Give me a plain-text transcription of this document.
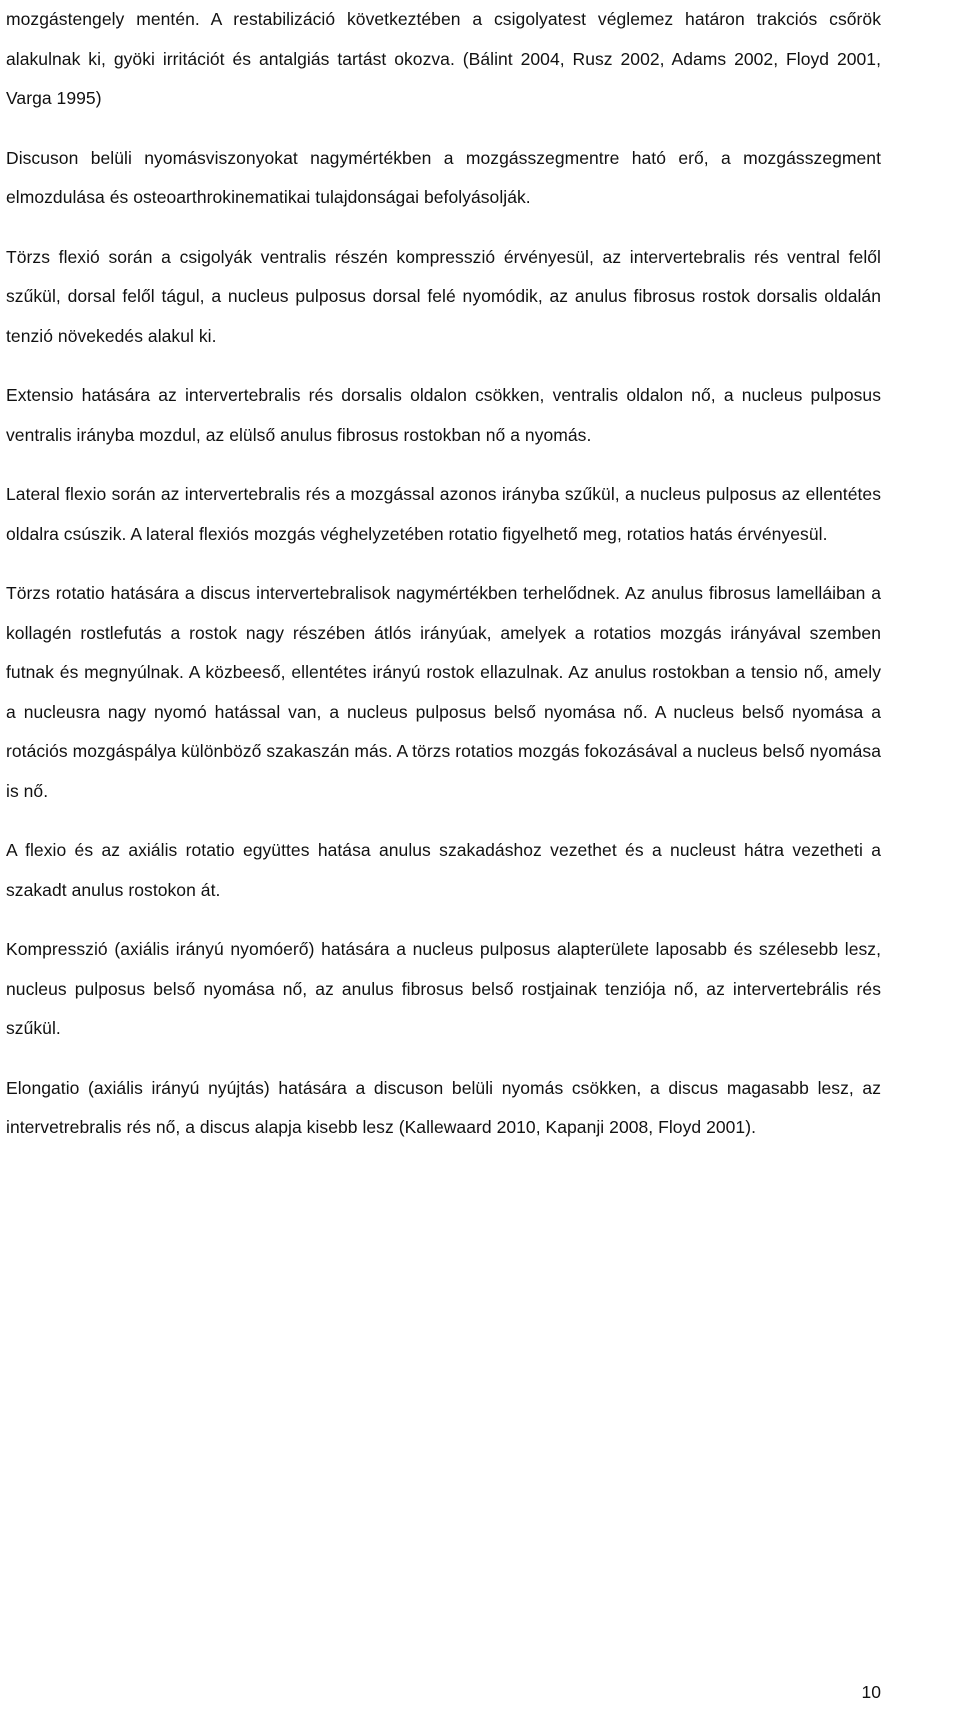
mozgástengely mentén. A restabilizáció következtében a csigolyatest véglemez határon trakciós csőrök alakulnak ki, gyöki irritációt és antalgiás tartást okozva. (Bálint 2004, Rusz 2002, Adams 2002, Floyd 2001, Varga 1995)

Discuson belüli nyomásviszonyokat nagymértékben a mozgásszegmentre ható erő, a mozgásszegment elmozdulása és osteoarthrokinematikai tulajdonságai befolyásolják.

Törzs flexió során a csigolyák ventralis részén kompresszió érvényesül, az intervertebralis rés ventral felől szűkül, dorsal felől tágul, a nucleus pulposus dorsal felé nyomódik, az anulus fibrosus rostok dorsalis oldalán tenzió növekedés alakul ki.

Extensio hatására az intervertebralis rés dorsalis oldalon csökken, ventralis oldalon nő, a nucleus pulposus ventralis irányba mozdul, az elülső anulus fibrosus rostokban nő a nyomás.

Lateral flexio során az intervertebralis rés a mozgással azonos irányba szűkül, a nucleus pulposus az ellentétes oldalra csúszik. A lateral flexiós mozgás véghelyzetében rotatio figyelhető meg, rotatios hatás érvényesül.

Törzs rotatio hatására a discus intervertebralisok nagymértékben terhelődnek. Az anulus fibrosus lamelláiban a kollagén rostlefutás a rostok nagy részében átlós irányúak, amelyek a rotatios mozgás irányával szemben futnak és megnyúlnak. A közbeeső, ellentétes irányú rostok ellazulnak. Az anulus rostokban a tensio nő, amely a nucleusra nagy nyomó hatással van, a nucleus pulposus belső nyomása nő. A nucleus belső nyomása a rotációs mozgáspálya különböző szakaszán más. A törzs rotatios mozgás fokozásával a nucleus belső nyomása is nő.

A flexio és az axiális rotatio együttes hatása anulus szakadáshoz vezethet és a nucleust hátra vezetheti a szakadt anulus rostokon át.

Kompresszió (axiális irányú nyomóerő) hatására a nucleus pulposus alapterülete laposabb és szélesebb lesz, nucleus pulposus belső nyomása nő, az anulus fibrosus belső rostjainak tenziója nő, az intervertebrális rés szűkül.

Elongatio (axiális irányú nyújtás) hatására a discuson belüli nyomás csökken, a discus magasabb lesz, az intervetrebralis rés nő, a discus alapja kisebb lesz (Kallewaard 2010, Kapanji 2008, Floyd 2001).

10
